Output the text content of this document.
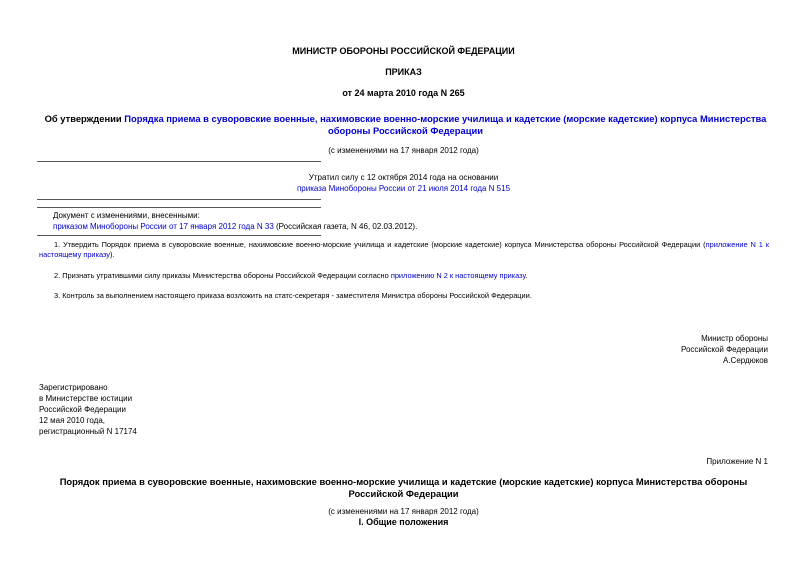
МИНИСТР ОБОРОНЫ РОССИЙСКОЙ ФЕДЕРАЦИИ
ПРИКАЗ
от 24 марта 2010 года N 265
Об утверждении Порядка приема в суворовские военные, нахимовские военно-морские училища и кадетские (морские кадетские) корпуса Министерства обороны Российской Федерации
(с изменениями на 17 января 2012 года)
Утратил силу с 12 октября 2014 года на основании
приказа Минобороны России от 21 июля 2014 года N 515
Документ с изменениями, внесенными:
приказом Минобороны России от 17 января 2012 года N 33 (Российская газета, N 46, 02.03.2012).
1. Утвердить Порядок приема в суворовские военные, нахимовские военно-морские училища и кадетские (морские кадетские) корпуса Министерства обороны Российской Федерации (приложение N 1 к настоящему приказу).
2. Признать утратившими силу приказы Министерства обороны Российской Федерации согласно приложению N 2 к настоящему приказу.
3. Контроль за выполнением настоящего приказа возложить на статс-секретаря - заместителя Министра обороны Российской Федерации.
Министр обороны
Российской Федерации
А.Сердюков
Зарегистрировано
в Министерстве юстиции
Российской Федерации
12 мая 2010 года,
регистрационный N 17174
Приложение N 1
Порядок приема в суворовские военные, нахимовские военно-морские училища и кадетские (морские кадетские) корпуса Министерства обороны Российской Федерации
(с изменениями на 17 января 2012 года)
I. Общие положения
